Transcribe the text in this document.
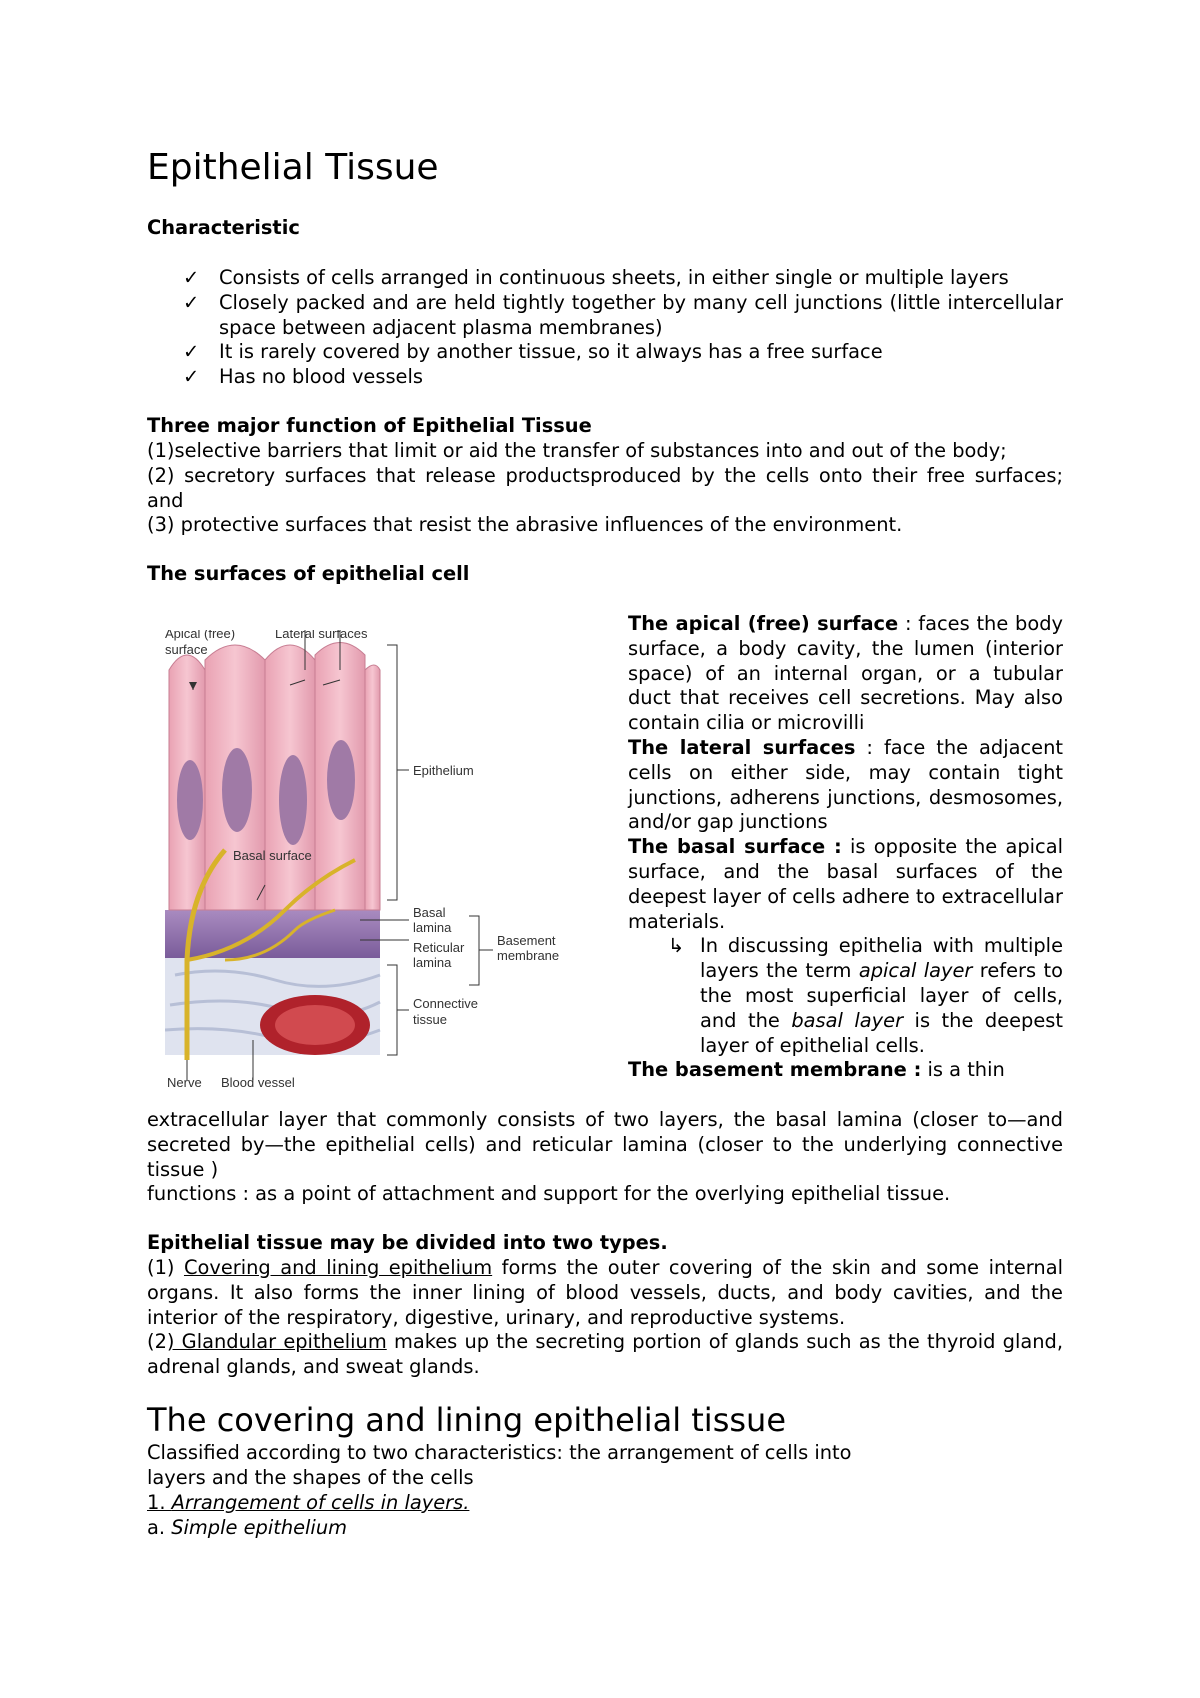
Epithelial Tissue
Characteristic
✓	Consists of cells arranged in continuous sheets, in either single or multiple layers
✓	Closely packed and are held tightly together by many cell junctions (little intercellular space between adjacent plasma membranes)
✓	It is rarely covered by another tissue, so it always has a free surface
✓	Has no blood vessels
Three major function of Epithelial Tissue
(1)selective barriers that limit or aid the transfer of substances into and out of the body;
(2) secretory surfaces that release productsproduced by the cells onto their free surfaces; and
(3) protective surfaces that resist the abrasive influences of the environment.
The surfaces of epithelial cell
Apical (free)
surface
Lateral surfaces
Epithelium
Basal surface
Basal
lamina
Reticular
lamina
Basement
membrane
Connective
tissue
Nerve Blood vessel
The apical (free) surface : faces the body surface, a body cavity, the lumen (interior space) of an internal organ, or a tubular duct that receives cell secretions. May also contain cilia or microvilli
The lateral surfaces : face the adjacent cells on either side, may contain tight junctions, adherens junctions, desmosomes, and/or gap junctions
The basal surface : is opposite the apical surface, and the basal surfaces of the deepest layer of cells adhere to extracellular materials.
↳ In discussing epithelia with multiple layers the term apical layer refers to the most superficial layer of cells, and the basal layer is the deepest layer of epithelial cells.
The basement membrane : is a thin
extracellular layer that commonly consists of two layers, the basal lamina (closer to—and secreted by—the epithelial cells) and reticular lamina (closer to the underlying connective tissue )
functions : as a point of attachment and support for the overlying epithelial tissue.
Epithelial tissue may be divided into two types.
(1) Covering and lining epithelium forms the outer covering of the skin and some internal organs. It also forms the inner lining of blood vessels, ducts, and body cavities, and the interior of the respiratory, digestive, urinary, and reproductive systems.
(2) Glandular epithelium makes up the secreting portion of glands such as the thyroid gland, adrenal glands, and sweat glands.
The covering and lining epithelial tissue
Classified according to two characteristics: the arrangement of cells into
layers and the shapes of the cells
1. Arrangement of cells in layers.
a. Simple epithelium
